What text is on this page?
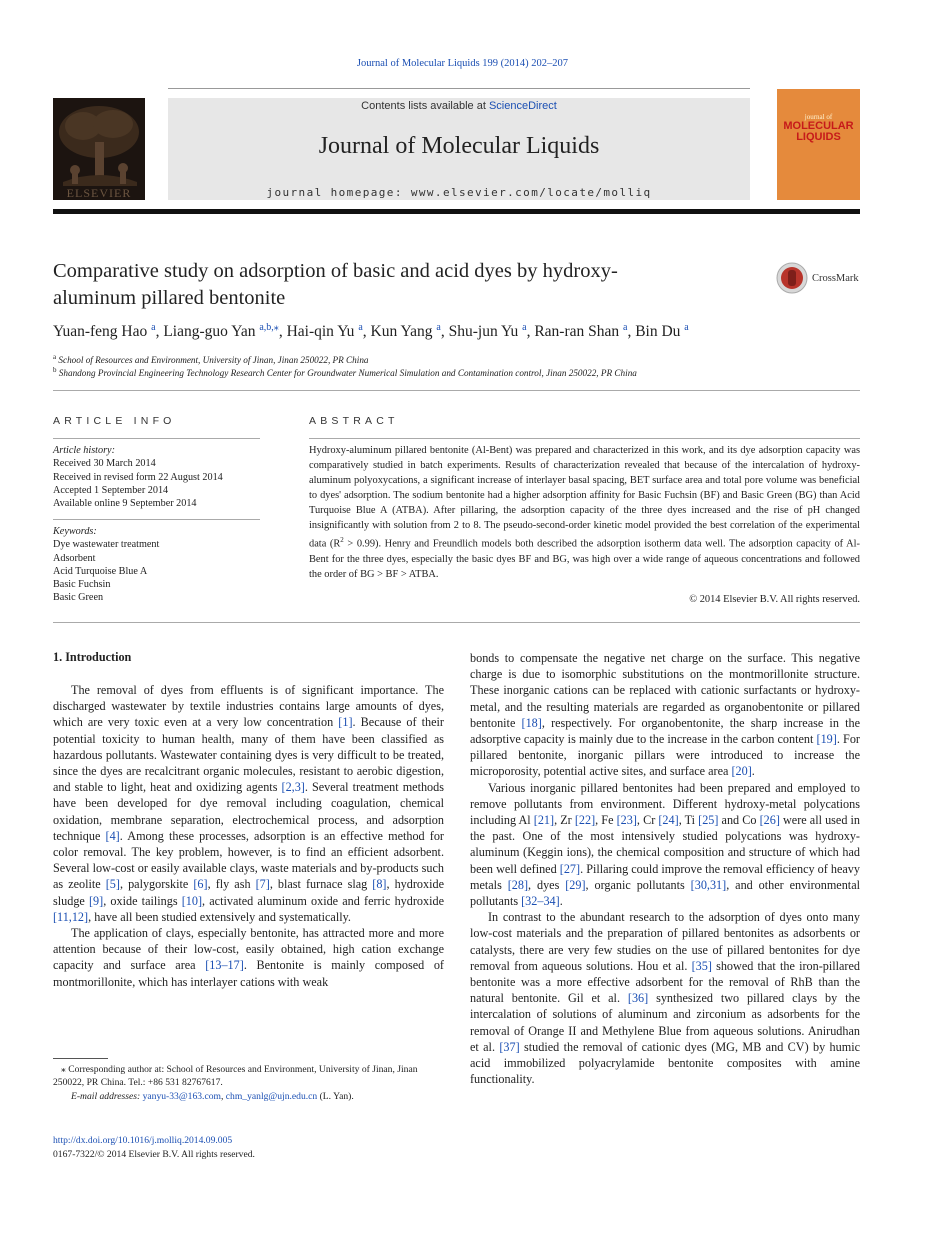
Journal of Molecular Liquids 199 (2014) 202–207
ELSEVIER
Contents lists available at ScienceDirect
Journal of Molecular Liquids
journal homepage: www.elsevier.com/locate/molliq
journal of
MOLECULAR LIQUIDS
Comparative study on adsorption of basic and acid dyes by hydroxy-aluminum pillared bentonite
CrossMark
Yuan-feng Hao $^a$, Liang-guo Yan $^{a,b,⁎}$, Hai-qin Yu $^a$, Kun Yang $^a$, Shu-jun Yu $^a$, Ran-ran Shan $^a$, Bin Du $^a$
$^a$ School of Resources and Environment, University of Jinan, Jinan 250022, PR China
$^b$ Shandong Provincial Engineering Technology Research Center for Groundwater Numerical Simulation and Contamination control, Jinan 250022, PR China
ARTICLE INFO
Article history:
Received 30 March 2014
Received in revised form 22 August 2014
Accepted 1 September 2014
Available online 9 September 2014
Keywords:
Dye wastewater treatment
Adsorbent
Acid Turquoise Blue A
Basic Fuchsin
Basic Green
ABSTRACT
Hydroxy-aluminum pillared bentonite (Al-Bent) was prepared and characterized in this work, and its dye adsorption capacity was comparatively studied in batch experiments. Results of characterization revealed that because of the intercalation of hydroxy-aluminum polyoxycations, a significant increase of interlayer basal spacing, BET surface area and total pore volume was beneficial to dyes' adsorption. The sodium bentonite had a higher adsorption affinity for Basic Fuchsin (BF) and Basic Green (BG) than Acid Turquoise Blue A (ATBA). After pillaring, the adsorption capacity of the three dyes increased and the rise of pH changed insignificantly with solution from 2 to 8. The pseudo-second-order kinetic model provided the best correlation of the experimental data $(R^2 > 0.99)$. Henry and Freundlich models both described the adsorption isotherm data well. The adsorption capacity of Al-Bent for the three dyes, especially the basic dyes BF and BG, was high over a wide range of aqueous concentrations and followed the order of BG > BF > ATBA.
© 2014 Elsevier B.V. All rights reserved.
1. Introduction

The removal of dyes from effluents is of significant importance. The discharged wastewater by textile industries contains large amounts of dyes, which are very toxic even at a very low concentration [1]. Because of their potential toxicity to human health, many of them have been classified as hazardous pollutants. Wastewater containing dyes is very difficult to be treated, since the dyes are recalcitrant organic molecules, resistant to aerobic digestion, and stable to light, heat and oxidizing agents [2,3]. Several treatment methods have been developed for dye removal including coagulation, chemical oxidation, membrane separation, electrochemical process, and adsorption technique [4]. Among these processes, adsorption is an effective method for color removal. The key problem, however, is to find an efficient adsorbent. Several low-cost or easily available clays, waste materials and by-products such as zeolite [5], palygorskite [6], fly ash [7], blast furnace slag [8], hydroxide sludge [9], oxide tailings [10], activated aluminum oxide and ferric hydroxide [11,12], have all been studied extensively and systematically.

The application of clays, especially bentonite, has attracted more and more attention because of their low-cost, easily obtained, high cation exchange capacity and surface area [13–17]. Bentonite is mainly composed of montmorillonite, which has interlayer cations with weak

bonds to compensate the negative net charge on the surface. This negative charge is due to isomorphic substitutions on the montmorillonite structure. These inorganic cations can be replaced with cationic surfactants or hydroxy-metal, and the resulting materials are regarded as organobentonite or pillared bentonite [18], respectively. For organobentonite, the sharp increase in the adsorptive capacity is mainly due to the increase in the carbon content [19]. For pillared bentonite, inorganic pillars were introduced to increase the microporosity, potential active sites, and surface area [20].

Various inorganic pillared bentonites had been prepared and employed to remove pollutants from environment. Different hydroxy-metal polycations including Al [21], Zr [22], Fe [23], Cr [24], Ti [25] and Co [26] were all used in the past. One of the most intensively studied polycations was hydroxy-aluminum (Keggin ions), the chemical composition and structure of which had been well defined [27]. Pillaring could improve the removal efficiency of heavy metals [28], dyes [29], organic pollutants [30,31], and other environmental pollutants [32–34].

In contrast to the abundant research to the adsorption of dyes onto many low-cost materials and the preparation of pillared bentonites as adsorbents or catalysts, there are very few studies on the use of pillared bentonites for dye removal from aqueous solutions. Hou et al. [35] showed that the iron-pillared bentonite was a more effective adsorbent for the removal of RhB than the natural bentonite. Gil et al. [36] synthesized two pillared clays by the intercalation of solutions of aluminum and zirconium as adsorbents for the removal of Orange II and Methylene Blue from aqueous solutions. Anirudhan et al. [37] studied the removal of cationic dyes (MG, MB and CV) by humic acid immobilized polyacrylamide bentonite composites with amine functionality.

⁎ Corresponding author at: School of Resources and Environment, University of Jinan, Jinan 250022, PR China. Tel.: +86 531 82767617.
E-mail addresses: yanyu-33@163.com, chm_yanlg@ujn.edu.cn (L. Yan).
http://dx.doi.org/10.1016/j.molliq.2014.09.005
0167-7322/© 2014 Elsevier B.V. All rights reserved.
